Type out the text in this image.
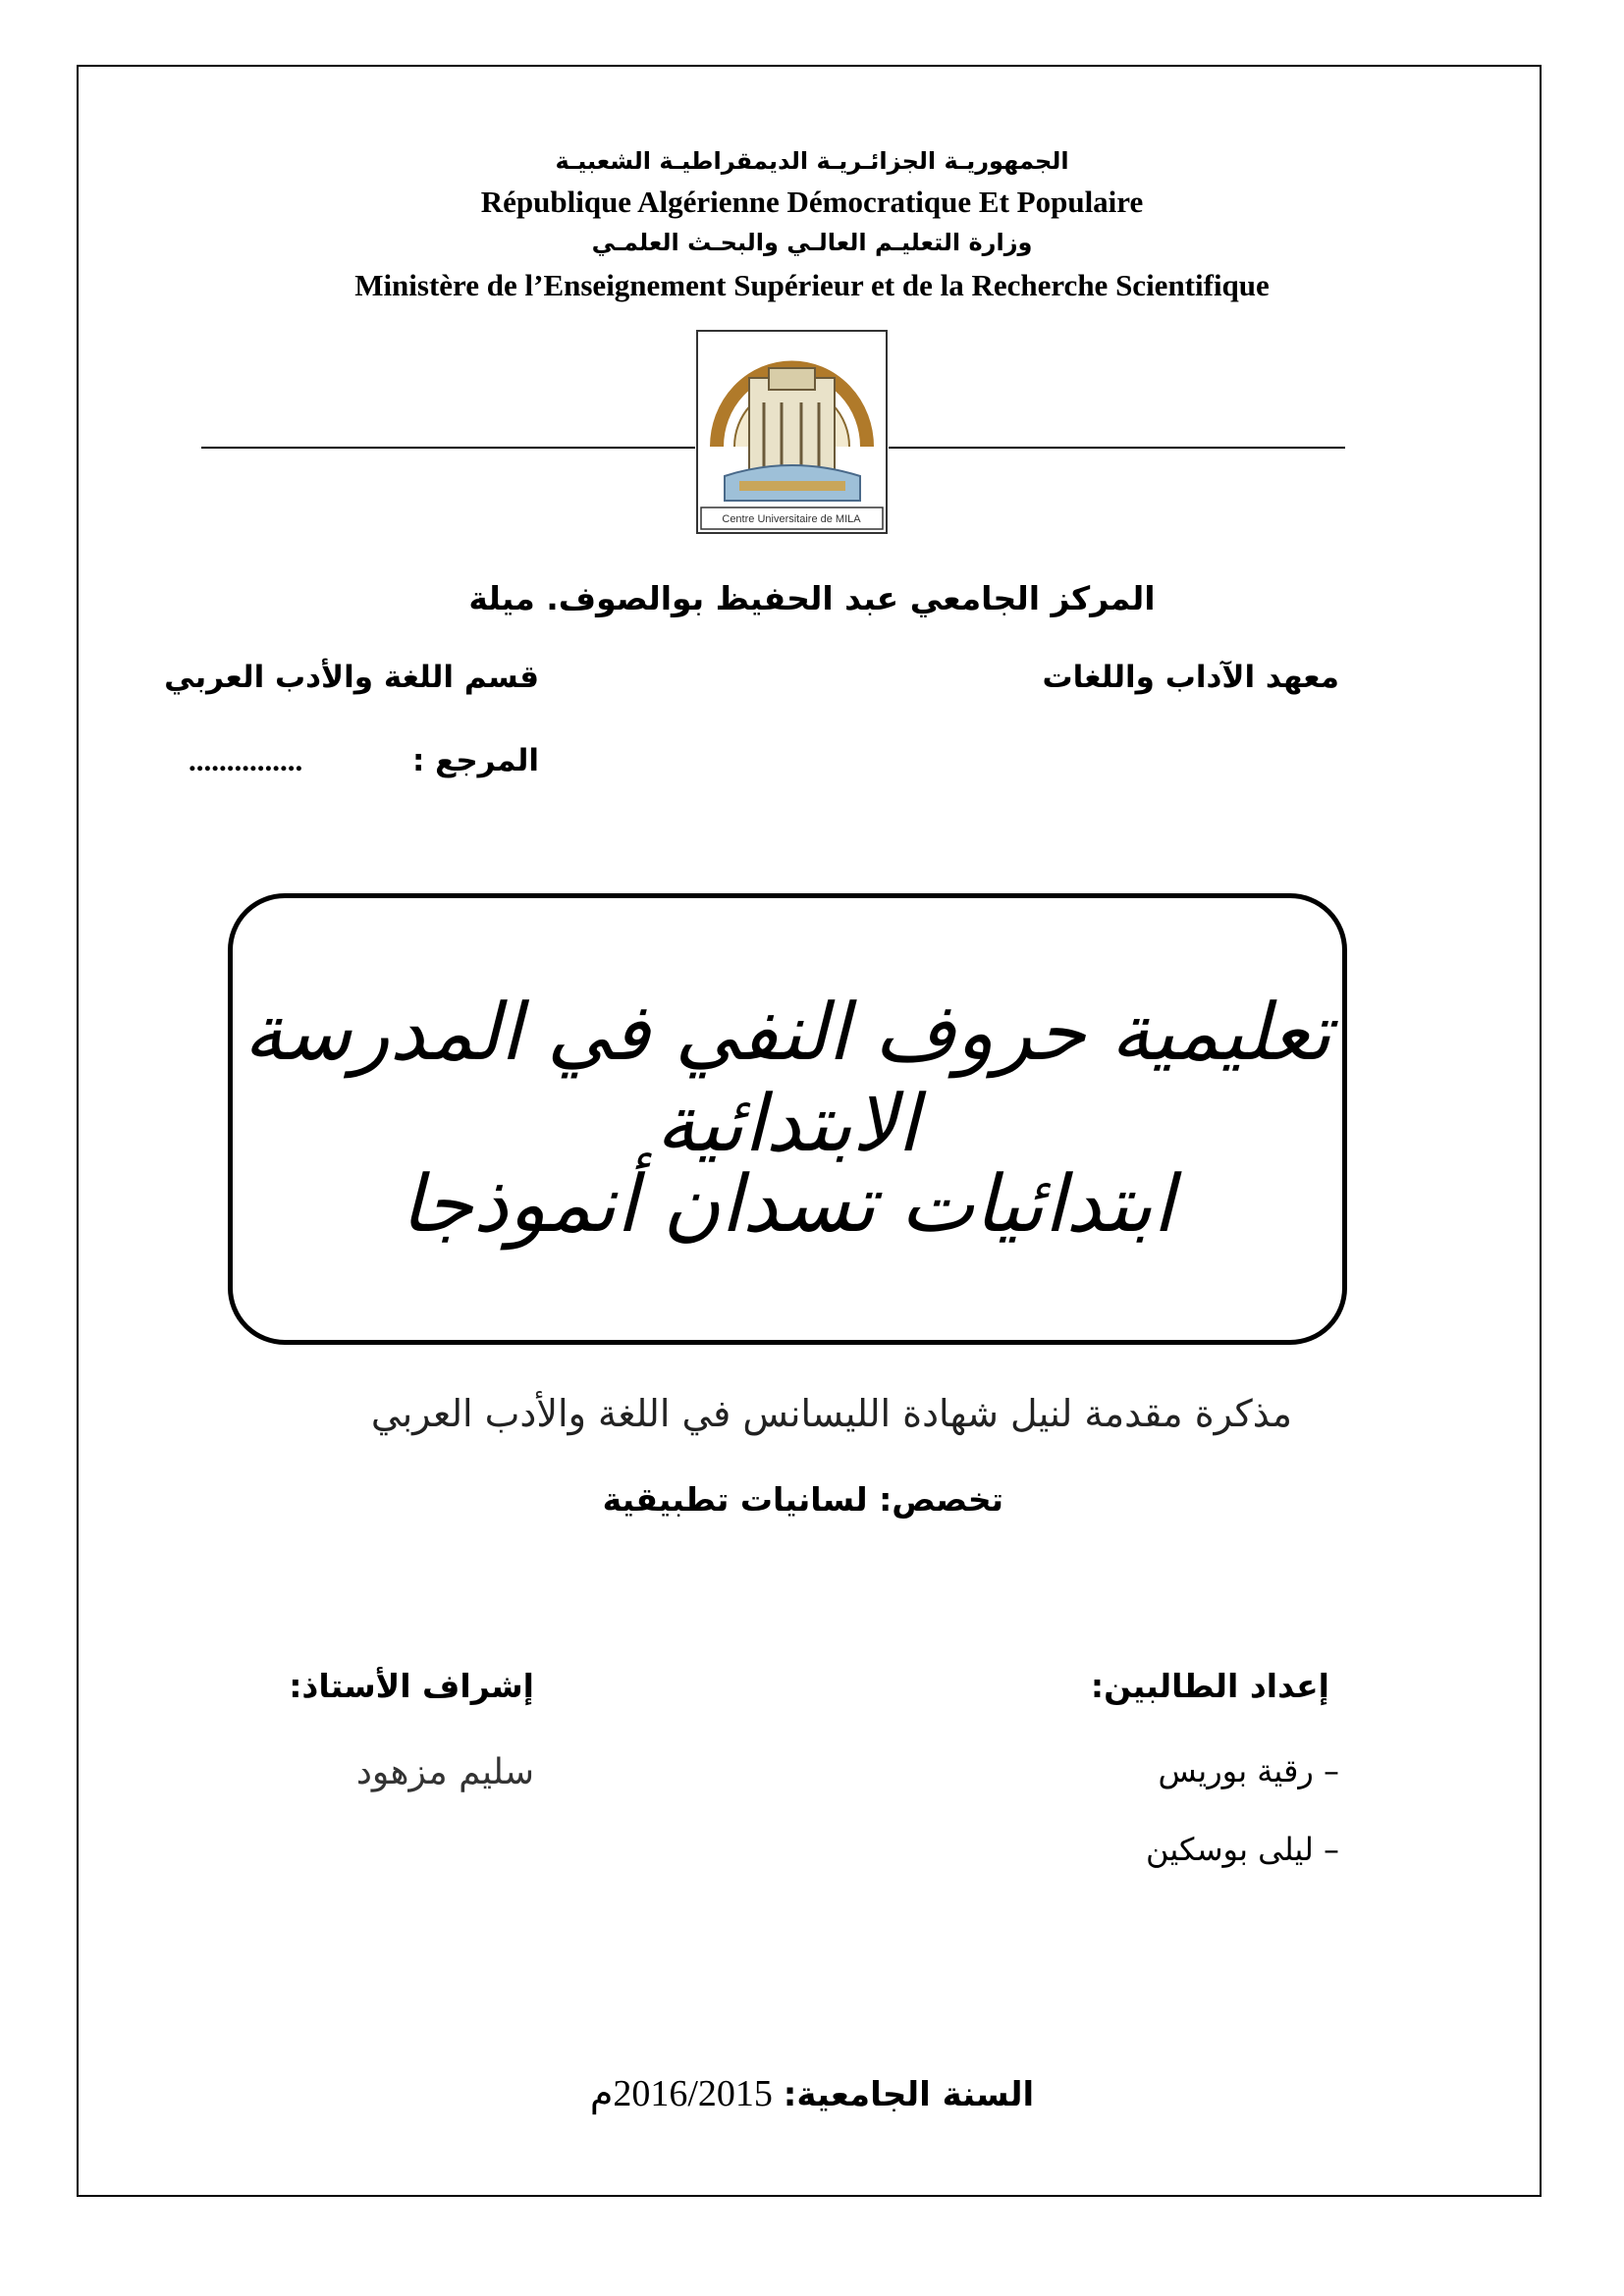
الجمهوريـة الجزائـريـة الديمقراطيـة الشعبيـة
République Algérienne Démocratique Et Populaire
وزارة التعليـم العالـي والبحـث العلمـي
Ministère de l’Enseignement Supérieur et de la Recherche Scientifique
Centre Universitaire de MILA
المركز الجامعي عبد الحفيظ بوالصوف. ميلة
معهد الآداب واللغات
قسم اللغة والأدب العربي
المرجع :
...............
تعليمية حروف النفي في المدرسة الابتدائية
ابتدائيات تسدان أنموذجا
مذكرة مقدمة لنيل شهادة الليسانس في اللغة والأدب العربي
تخصص: لسانيات تطبيقية
إعداد الطالبين:
إشراف الأستاذ:
– رقية بوريس
– ليلى بوسكين
سليم مزهود
السنة الجامعية: 2016/2015م
